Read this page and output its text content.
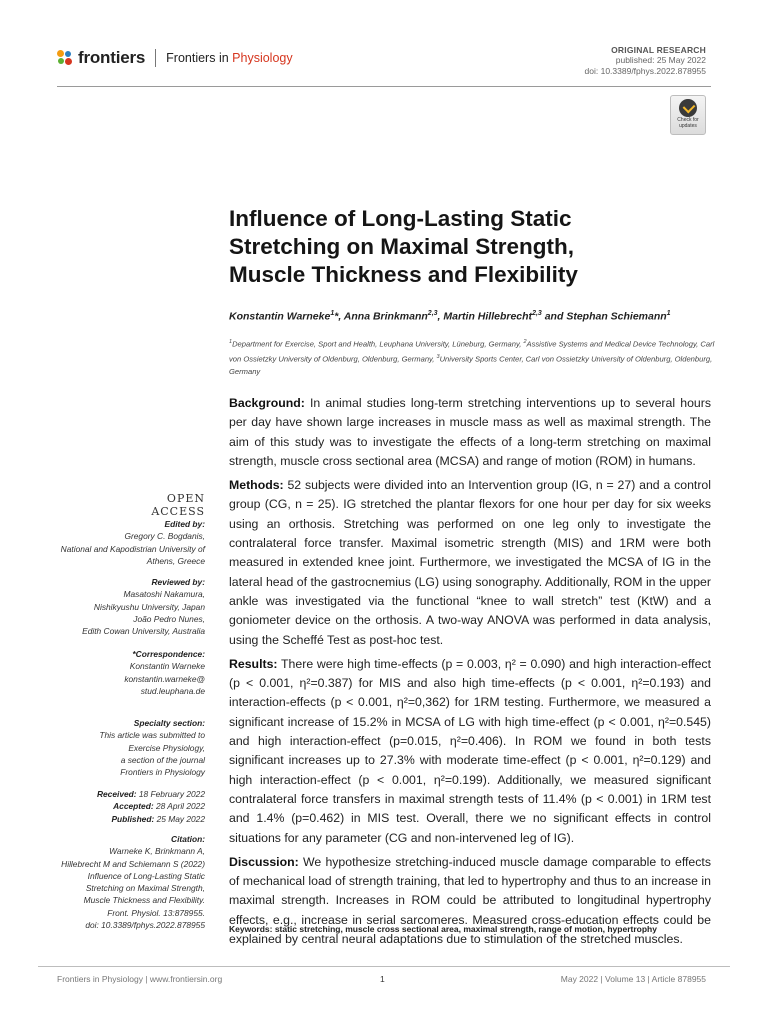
frontiers Frontiers in Physiology
ORIGINAL RESEARCH
published: 25 May 2022
doi: 10.3389/fphys.2022.878955
Check for
updates
Influence of Long-Lasting Static
Stretching on Maximal Strength,
Muscle Thickness and Flexibility
Konstantin Warneke$^1$*, Anna Brinkmann$^{2,3}$, Martin Hillebrecht$^{2,3}$ and Stephan Schiemann$^1$
$^1$Department for Exercise, Sport and Health, Leuphana University, Lüneburg, Germany, $^2$Assistive Systems and Medical Device Technology, Carl von Ossietzky University of Oldenburg, Oldenburg, Germany, $^3$University Sports Center, Carl von Ossietzky University of Oldenburg, Oldenburg, Germany

Background: In animal studies long-term stretching interventions up to several hours per day have shown large increases in muscle mass as well as maximal strength. The aim of this study was to investigate the effects of a long-term stretching on maximal strength, muscle cross sectional area (MCSA) and range of motion (ROM) in humans.

Methods: 52 subjects were divided into an Intervention group (IG, n = 27) and a control group (CG, n = 25). IG stretched the plantar flexors for one hour per day for six weeks using an orthosis. Stretching was performed on one leg only to investigate the contralateral force transfer. Maximal isometric strength (MIS) and 1RM were both measured in extended knee joint. Furthermore, we investigated the MCSA of IG in the lateral head of the gastrocnemius (LG) using sonography. Additionally, ROM in the upper ankle was investigated via the functional “knee to wall stretch” test (KtW) and a goniometer device on the orthosis. A two-way ANOVA was performed in data analysis, using the Scheffé Test as post-hoc test.

Results: There were high time-effects (p = 0.003, η² = 0.090) and high interaction-effect (p < 0.001, η²=0.387) for MIS and also high time-effects (p < 0.001, η²=0.193) and interaction-effects (p < 0.001, η²=0,362) for 1RM testing. Furthermore, we measured a significant increase of 15.2% in MCSA of LG with high time-effect (p < 0.001, η²=0.545) and high interaction-effect (p=0.015, η²=0.406). In ROM we found in both tests significant increases up to 27.3% with moderate time-effect (p < 0.001, η²=0.129) and high interaction-effect (p < 0.001, η²=0.199). Additionally, we measured significant contralateral force transfers in maximal strength tests of 11.4% (p < 0.001) in 1RM test and 1.4% (p=0.462) in MIS test. Overall, there we no significant effects in control situations for any parameter (CG and non-intervened leg of IG).

Discussion: We hypothesize stretching-induced muscle damage comparable to effects of mechanical load of strength training, that led to hypertrophy and thus to an increase in maximal strength. Increases in ROM could be attributed to longitudinal hypertrophy effects, e.g., increase in serial sarcomeres. Measured cross-education effects could be explained by central neural adaptations due to stimulation of the stretched muscles.

Keywords: static stretching, muscle cross sectional area, maximal strength, range of motion, hypertrophy
OPEN ACCESS
Edited by:
Gregory C. Bogdanis,
National and Kapodistrian University of
Athens, Greece
Reviewed by:
Masatoshi Nakamura,
Nishikyushu University, Japan
João Pedro Nunes,
Edith Cowan University, Australia
*Correspondence:
Konstantin Warneke
konstantin.warneke@
stud.leuphana.de
Specialty section:
This article was submitted to
Exercise Physiology,
a section of the journal
Frontiers in Physiology
Received: 18 February 2022
Accepted: 28 April 2022
Published: 25 May 2022
Citation:
Warneke K, Brinkmann A,
Hillebrecht M and Schiemann S (2022)
Influence of Long-Lasting Static
Stretching on Maximal Strength,
Muscle Thickness and Flexibility.
Front. Physiol. 13:878955.
doi: 10.3389/fphys.2022.878955
Frontiers in Physiology | www.frontiersin.org	1	May 2022 | Volume 13 | Article 878955
